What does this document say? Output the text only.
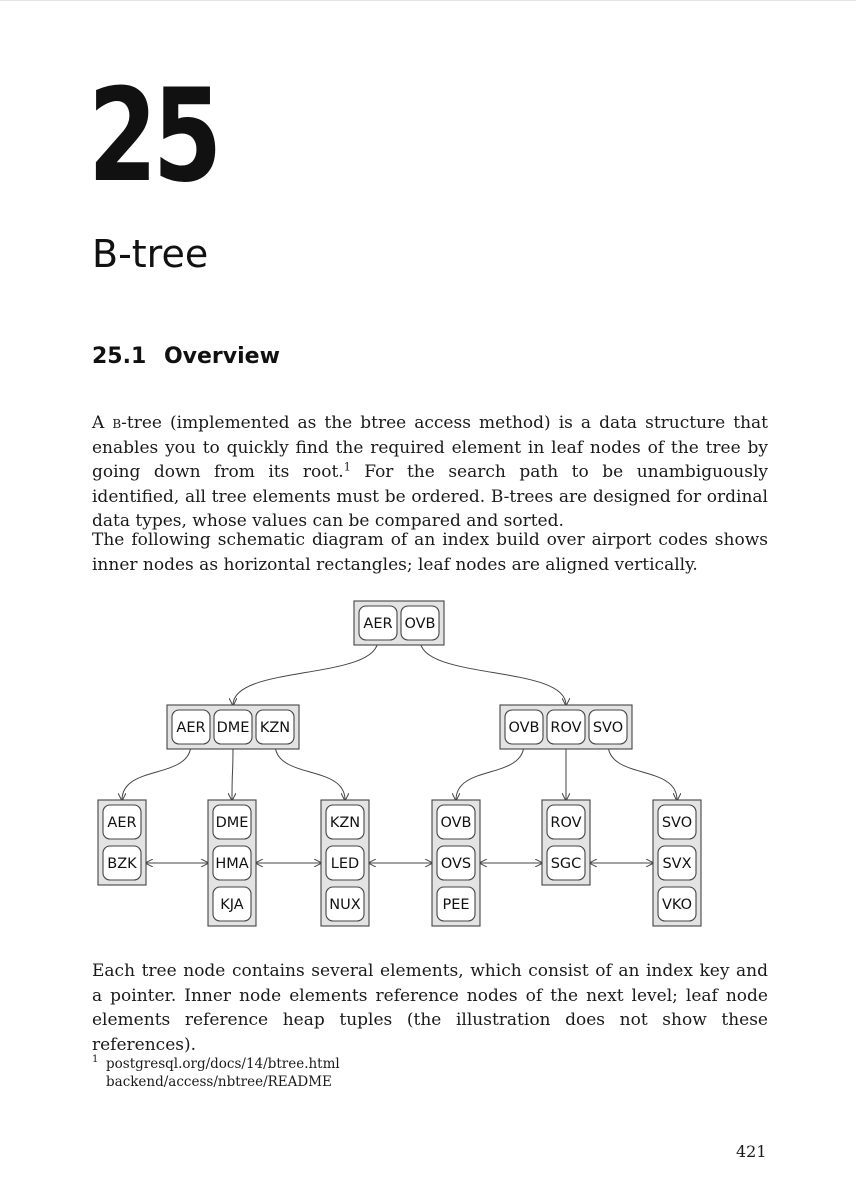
25
B-tree
25.1 Overview

A b-tree (implemented as the btree access method) is a data structure that enables you to quickly find the required element in leaf nodes of the tree by going down from its root.$^1$ For the search path to be unambiguously identified, all tree elements must be ordered. B-trees are designed for ordinal data types, whose values can be compared and sorted.

The following schematic diagram of an index build over airport codes shows inner nodes as horizontal rectangles; leaf nodes are aligned vertically.

AER OVB
AER DME KZN	OVB ROV SVO
AER
BZK
DME
HMA
KJA
KZN
LED
NUX
OVB
OVS
PEE
ROV
SGC
SVO
SVX
VKO

Each tree node contains several elements, which consist of an index key and a pointer. Inner node elements reference nodes of the next level; leaf node elements reference heap tuples (the illustration does not show these references).

1 postgresql.org/docs/14/btree.html
backend/access/nbtree/README
421
